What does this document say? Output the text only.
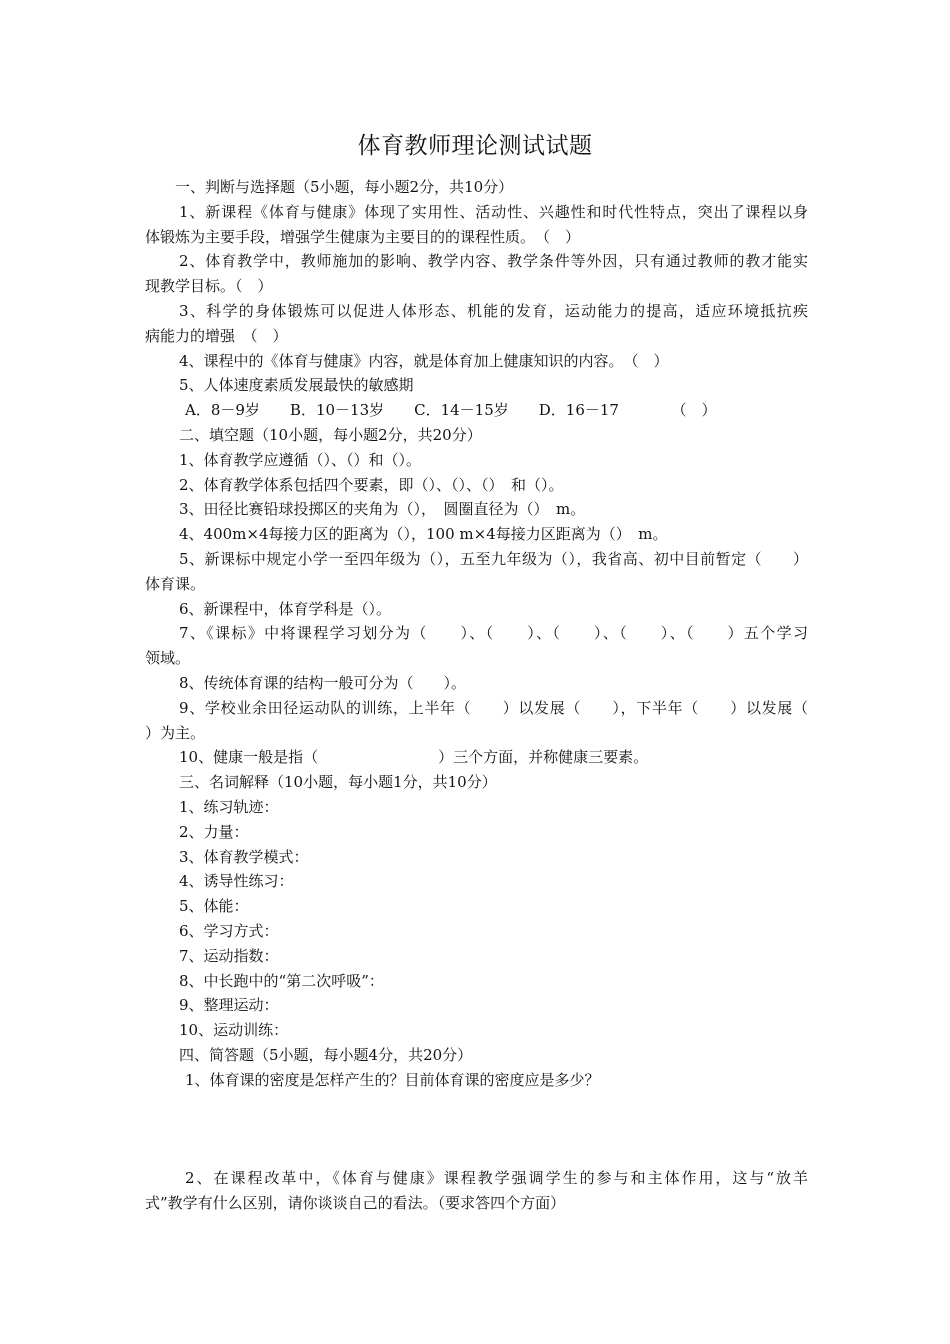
体育教师理论测试试题
一、判断与选择题（5小题，每小题2分，共10分）
1、新课程《体育与健康》体现了实用性、活动性、兴趣性和时代性特点，突出了课程以身
体锻炼为主要手段，增强学生健康为主要目的的课程性质。　（　）
2、体育教学中，教师施加的影响、教学内容、教学条件等外因，只有通过教师的教才能实
现教学目标。（　）
3、科学的身体锻炼可以促进人体形态、机能的发育，运动能力的提高，适应环境抵抗疾
病能力的增强　（　）
4、课程中的《体育与健康》内容，就是体育加上健康知识的内容。　（　）
5、人体速度素质发展最快的敏感期
A．8－9岁　　B．10－13岁　　C．14－15岁　　D．16－17　　　　（　）
二、填空题（10小题，每小题2分，共20分）
1、体育教学应遵循（）、（）和（）。
2、体育教学体系包括四个要素，即（）、（）、（）　和（）。
3、田径比赛铅球投掷区的夹角为（），　圆圈直径为（）　m。
4、400m×4每接力区的距离为（），100 m×4每接力区距离为（）　m。
5、新课标中规定小学一至四年级为（），五至九年级为（），我省高、初中目前暂定（　　）
体育课。
6、新课程中，体育学科是（）。
7、《课标》中将课程学习划分为（　　）、（　　）、（　　）、（　　）、（　　）五个学习
领域。
8、传统体育课的结构一般可分为（　　）。
9、学校业余田径运动队的训练，上半年（　　）以发展（　　），下半年（　　）以发展（
）为主。
10、健康一般是指（　　　　　　　　）三个方面，并称健康三要素。
三、名词解释（10小题，每小题1分，共10分）
1、练习轨迹：
2、力量：
3、体育教学模式：
4、诱导性练习：
5、体能：
6、学习方式：
7、运动指数：
8、中长跑中的“第二次呼吸”：
9、整理运动：
10、运动训练：
四、简答题（5小题，每小题4分，共20分）
1、体育课的密度是怎样产生的？目前体育课的密度应是多少？
2、在课程改革中，《体育与健康》课程教学强调学生的参与和主体作用，这与“放羊
式”教学有什么区别，请你谈谈自己的看法。（要求答四个方面）
